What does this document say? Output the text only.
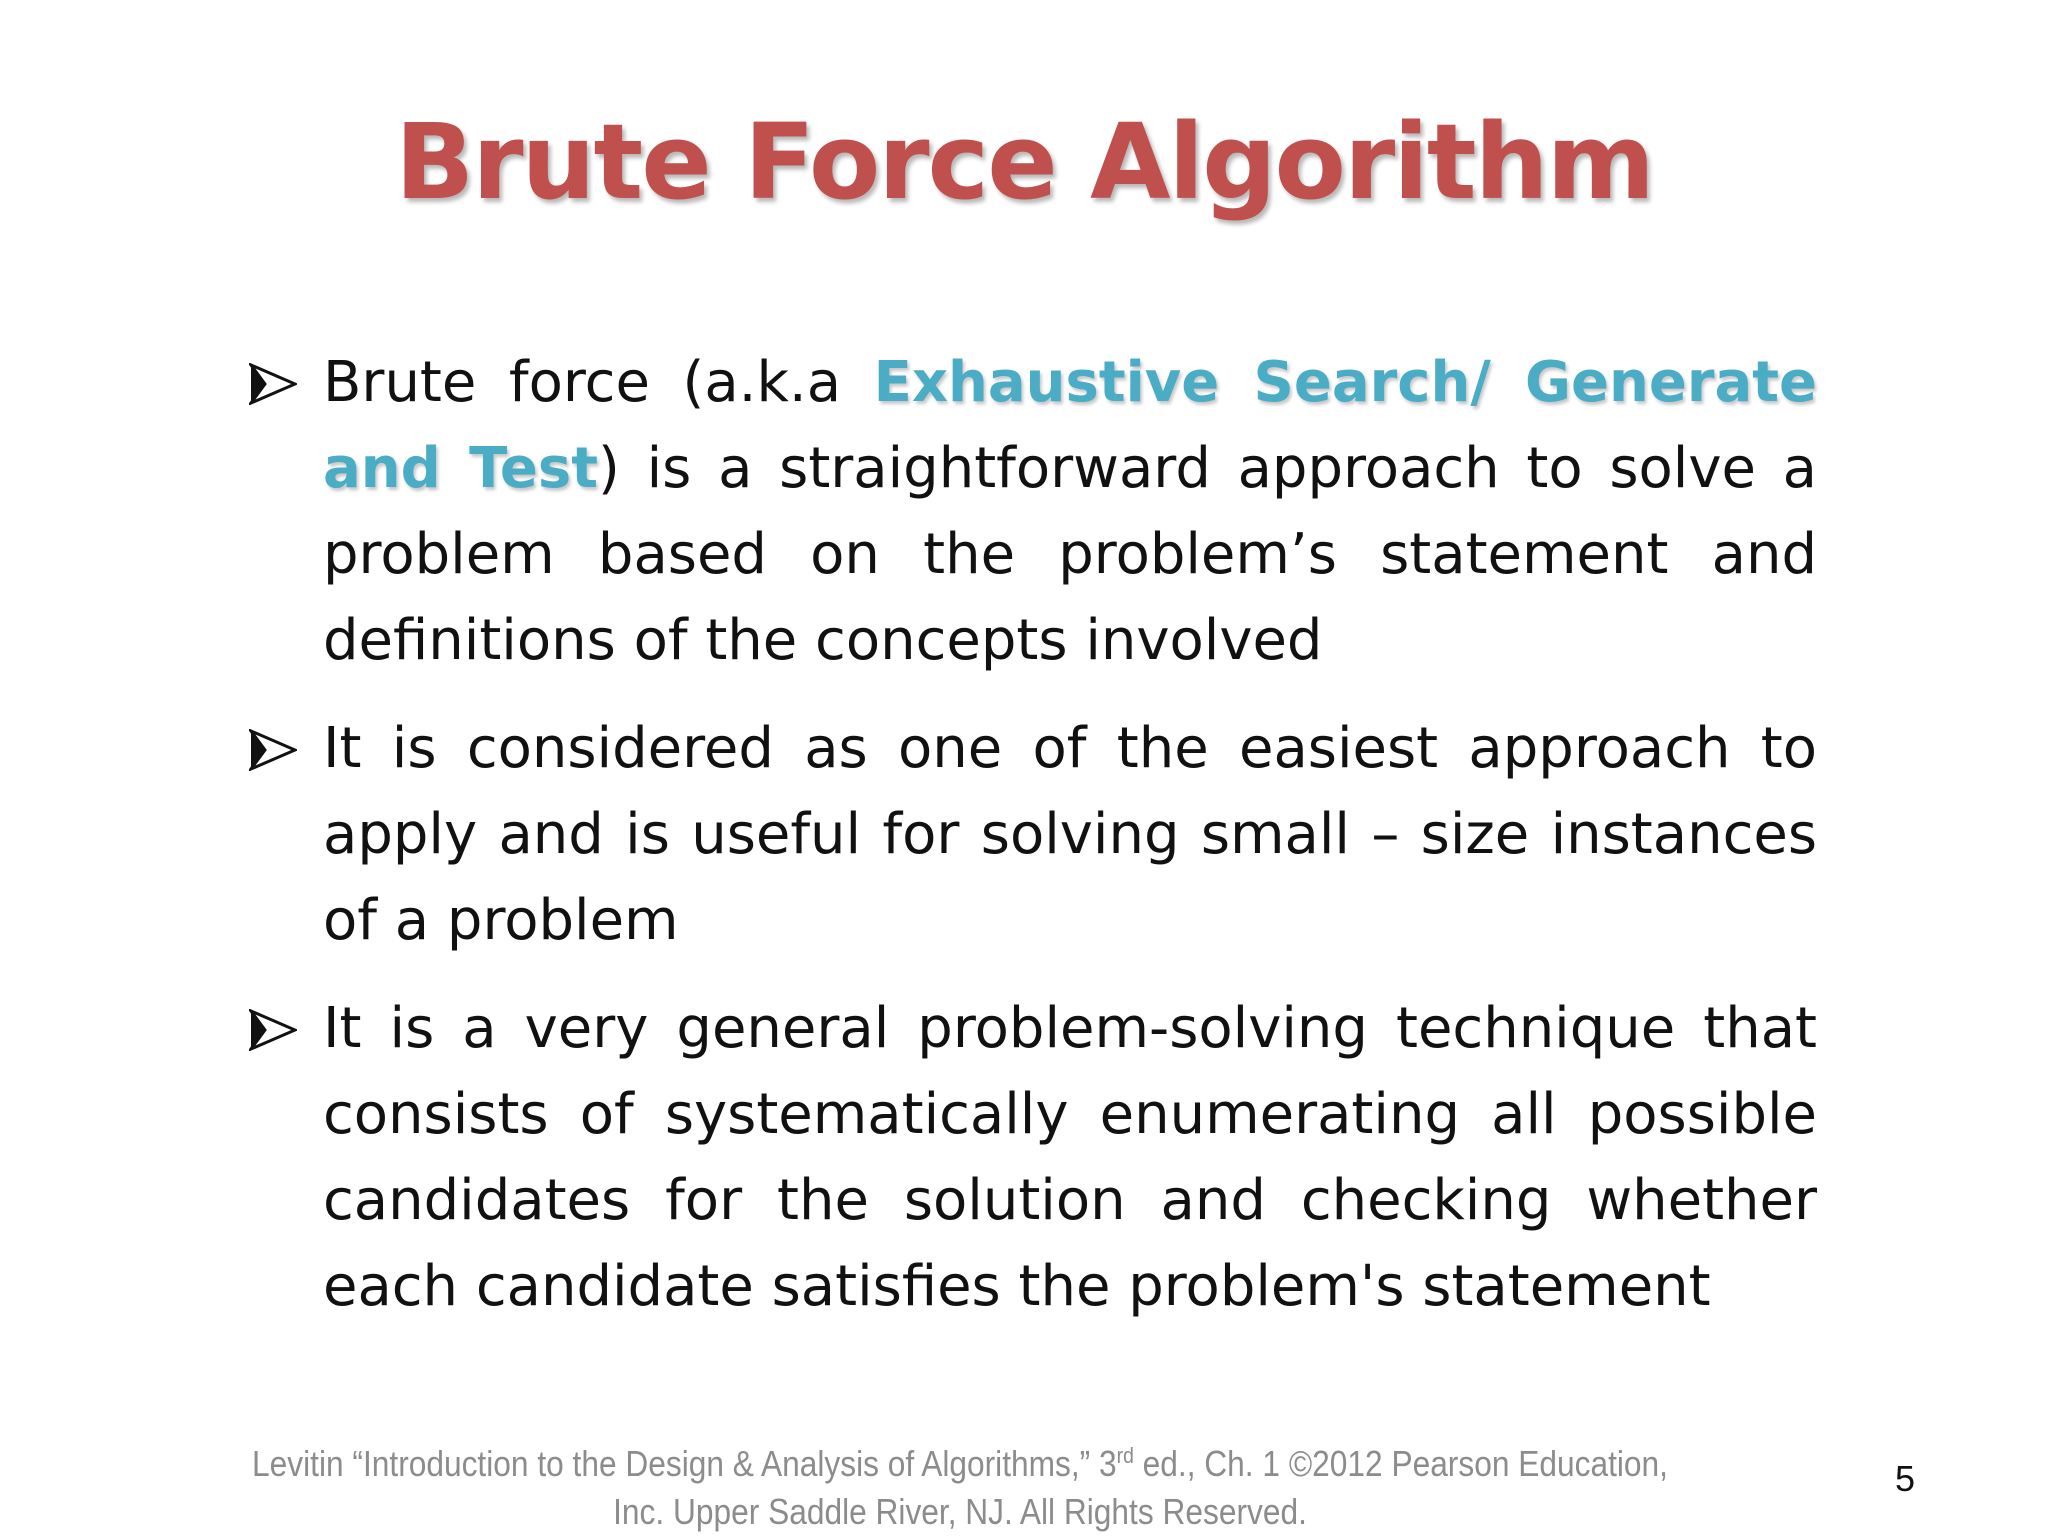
Brute Force Algorithm
Brute force (a.k.a Exhaustive Search/ Generate and Test) is a straightforward approach to solve a problem based on the problem’s statement and definitions of the concepts involved
It is considered as one of the easiest approach to apply and is useful for solving small – size instances of a problem
It is a very general problem-solving technique that consists of systematically enumerating all possible candidates for the solution and checking whether each candidate satisfies the problem's statement
Levitin “Introduction to the Design & Analysis of Algorithms,” 3rd ed., Ch. 1 ©2012 Pearson Education, Inc. Upper Saddle River, NJ. All Rights Reserved.
5
